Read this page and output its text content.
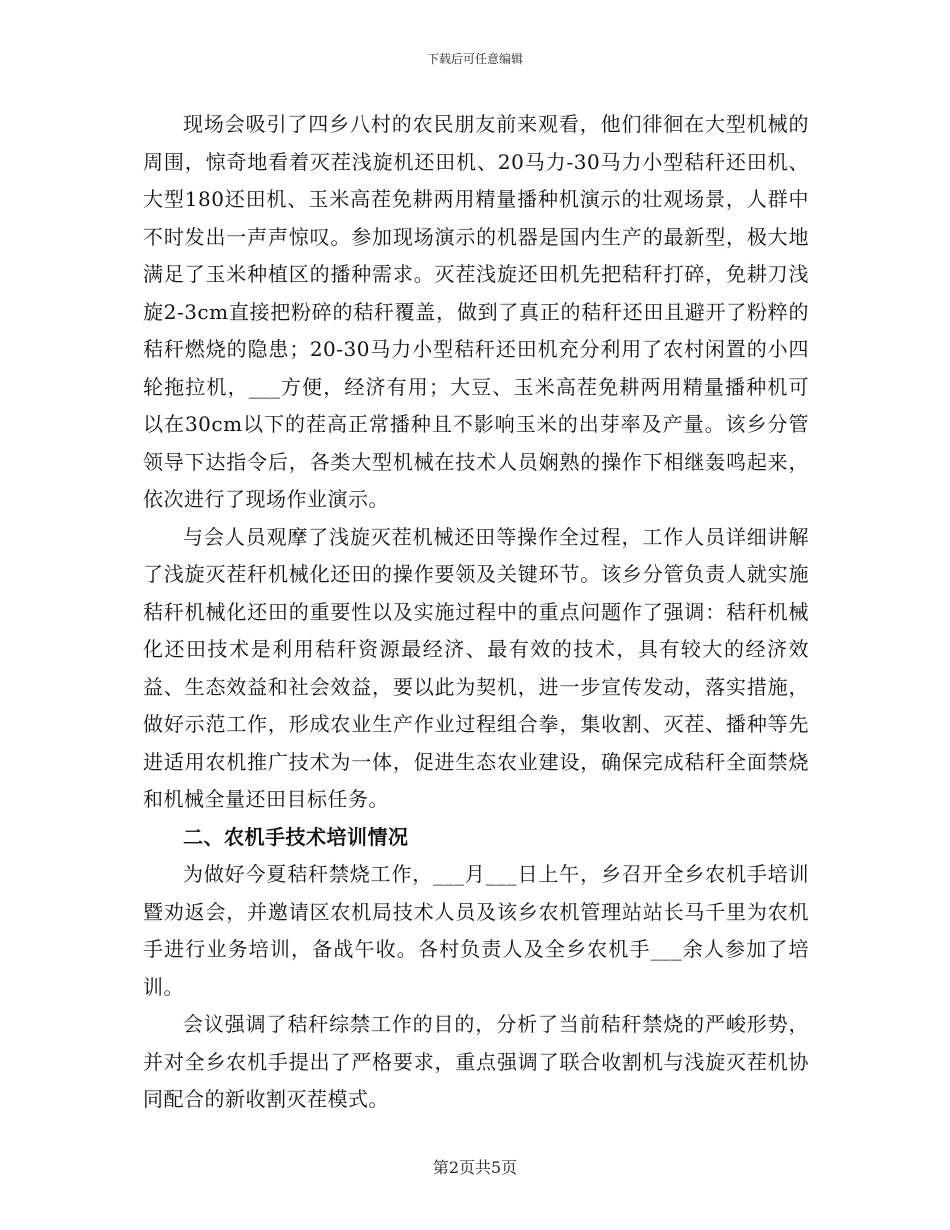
下载后可任意编辑

现场会吸引了四乡八村的农民朋友前来观看，他们徘徊在大型机械的周围，惊奇地看着灭茬浅旋机还田机、20马力-30马力小型秸秆还田机、大型180还田机、玉米高茬免耕两用精量播种机演示的壮观场景，人群中不时发出一声声惊叹。参加现场演示的机器是国内生产的最新型，极大地满足了玉米种植区的播种需求。灭茬浅旋还田机先把秸秆打碎，免耕刀浅旋2-3cm直接把粉碎的秸秆覆盖，做到了真正的秸秆还田且避开了粉粹的秸秆燃烧的隐患；20-30马力小型秸秆还田机充分利用了农村闲置的小四轮拖拉机，___方便，经济有用；大豆、玉米高茬免耕两用精量播种机可以在30cm以下的茬高正常播种且不影响玉米的出芽率及产量。该乡分管领导下达指令后，各类大型机械在技术人员娴熟的操作下相继轰鸣起来，依次进行了现场作业演示。

与会人员观摩了浅旋灭茬机械还田等操作全过程，工作人员详细讲解了浅旋灭茬秆机械化还田的操作要领及关键环节。该乡分管负责人就实施秸秆机械化还田的重要性以及实施过程中的重点问题作了强调：秸秆机械化还田技术是利用秸秆资源最经济、最有效的技术，具有较大的经济效益、生态效益和社会效益，要以此为契机，进一步宣传发动，落实措施，做好示范工作，形成农业生产作业过程组合拳，集收割、灭茬、播种等先进适用农机推广技术为一体，促进生态农业建设，确保完成秸秆全面禁烧和机械全量还田目标任务。

二、农机手技术培训情况

为做好今夏秸秆禁烧工作，___月___日上午，乡召开全乡农机手培训暨劝返会，并邀请区农机局技术人员及该乡农机管理站站长马千里为农机手进行业务培训，备战午收。各村负责人及全乡农机手___余人参加了培训。

会议强调了秸秆综禁工作的目的，分析了当前秸秆禁烧的严峻形势，并对全乡农机手提出了严格要求，重点强调了联合收割机与浅旋灭茬机协同配合的新收割灭茬模式。

第2页共5页
